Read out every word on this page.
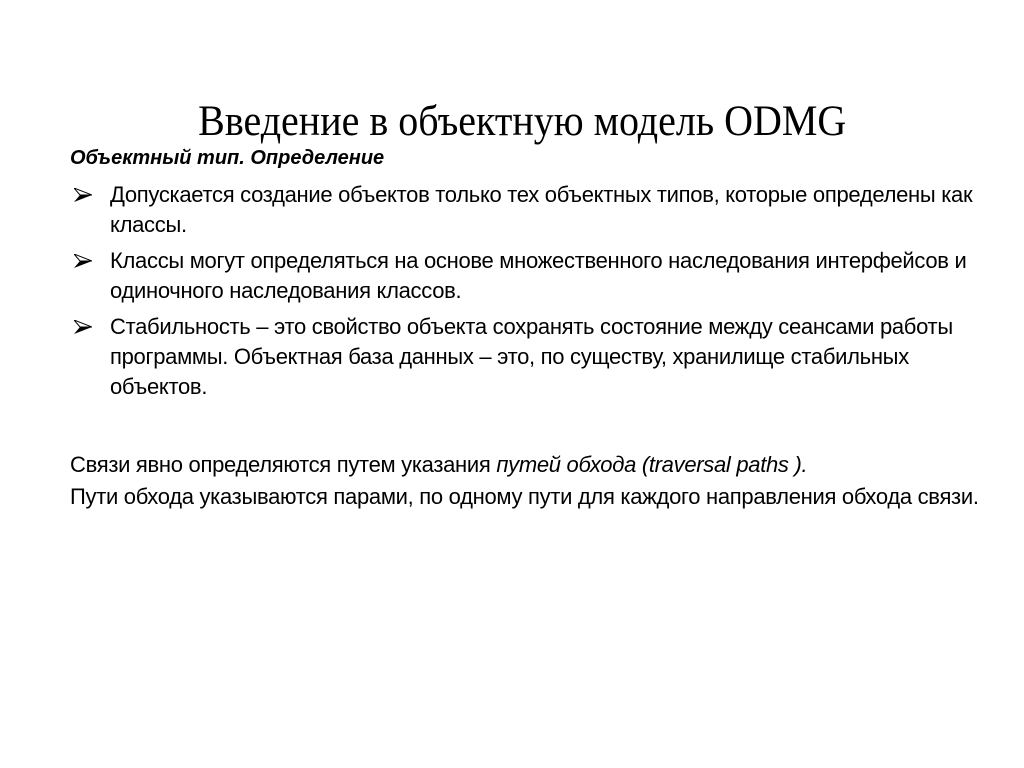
Введение в объектную модель ODMG
Объектный тип. Определение
Допускается создание объектов только тех объектных типов, которые определены как классы.
Классы могут определяться на основе множественного наследования интерфейсов и одиночного наследования классов.
Стабильность – это свойство объекта сохранять состояние между сеансами работы программы. Объектная база данных – это, по существу, хранилище стабильных объектов.
Связи явно определяются путем указания путей обхода (traversal paths ).
Пути обхода указываются парами, по одному пути для каждого направления обхода связи.
